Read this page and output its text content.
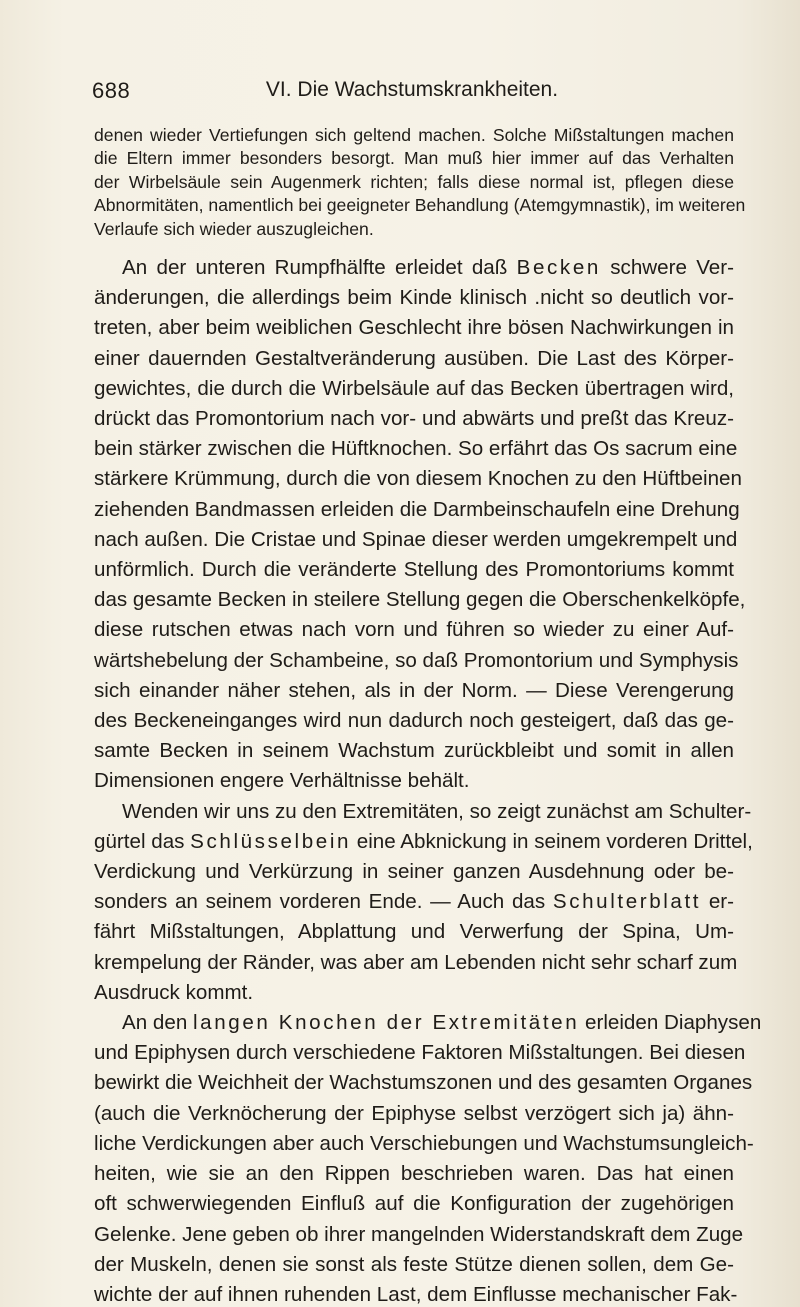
688	VI. Die Wachstumskrankheiten.
denen wieder Vertiefungen sich geltend machen. Solche Mißstaltungen machen
die Eltern immer besonders besorgt. Man muß hier immer auf das Verhalten
der Wirbelsäule sein Augenmerk richten; falls diese normal ist, pflegen diese
Abnormitäten, namentlich bei geeigneter Behandlung (Atemgymnastik), im weiteren
Verlaufe sich wieder auszugleichen.
An der unteren Rumpfhälfte erleidet daß Becken schwere Ver-
änderungen, die allerdings beim Kinde klinisch .nicht so deutlich vor-
treten, aber beim weiblichen Geschlecht ihre bösen Nachwirkungen in
einer dauernden Gestaltveränderung ausüben. Die Last des Körper-
gewichtes, die durch die Wirbelsäule auf das Becken übertragen wird,
drückt das Promontorium nach vor- und abwärts und preßt das Kreuz-
bein stärker zwischen die Hüftknochen. So erfährt das Os sacrum eine
stärkere Krümmung, durch die von diesem Knochen zu den Hüftbeinen
ziehenden Bandmassen erleiden die Darmbeinschaufeln eine Drehung
nach außen. Die Cristae und Spinae dieser werden umgekrempelt und
unförmlich. Durch die veränderte Stellung des Promontoriums kommt
das gesamte Becken in steilere Stellung gegen die Oberschenkelköpfe,
diese rutschen etwas nach vorn und führen so wieder zu einer Auf-
wärtshebelung der Schambeine, so daß Promontorium und Symphysis
sich einander näher stehen, als in der Norm. — Diese Verengerung
des Beckeneinganges wird nun dadurch noch gesteigert, daß das ge-
samte Becken in seinem Wachstum zurückbleibt und somit in allen
Dimensionen engere Verhältnisse behält.
Wenden wir uns zu den Extremitäten, so zeigt zunächst am Schulter-
gürtel das Schlüsselbein eine Abknickung in seinem vorderen Drittel,
Verdickung und Verkürzung in seiner ganzen Ausdehnung oder be-
sonders an seinem vorderen Ende. — Auch das Schulterblatt er-
fährt Mißstaltungen, Abplattung und Verwerfung der Spina, Um-
krempelung der Ränder, was aber am Lebenden nicht sehr scharf zum
Ausdruck kommt.
An den langen Knochen der Extremitäten erleiden Diaphysen
und Epiphysen durch verschiedene Faktoren Mißstaltungen. Bei diesen
bewirkt die Weichheit der Wachstumszonen und des gesamten Organes
(auch die Verknöcherung der Epiphyse selbst verzögert sich ja) ähn-
liche Verdickungen aber auch Verschiebungen und Wachstumsungleich-
heiten, wie sie an den Rippen beschrieben waren. Das hat einen
oft schwerwiegenden Einfluß auf die Konfiguration der zugehörigen
Gelenke. Jene geben ob ihrer mangelnden Widerstandskraft dem Zuge
der Muskeln, denen sie sonst als feste Stütze dienen sollen, dem Ge-
wichte der auf ihnen ruhenden Last, dem Einflusse mechanischer Fak-
